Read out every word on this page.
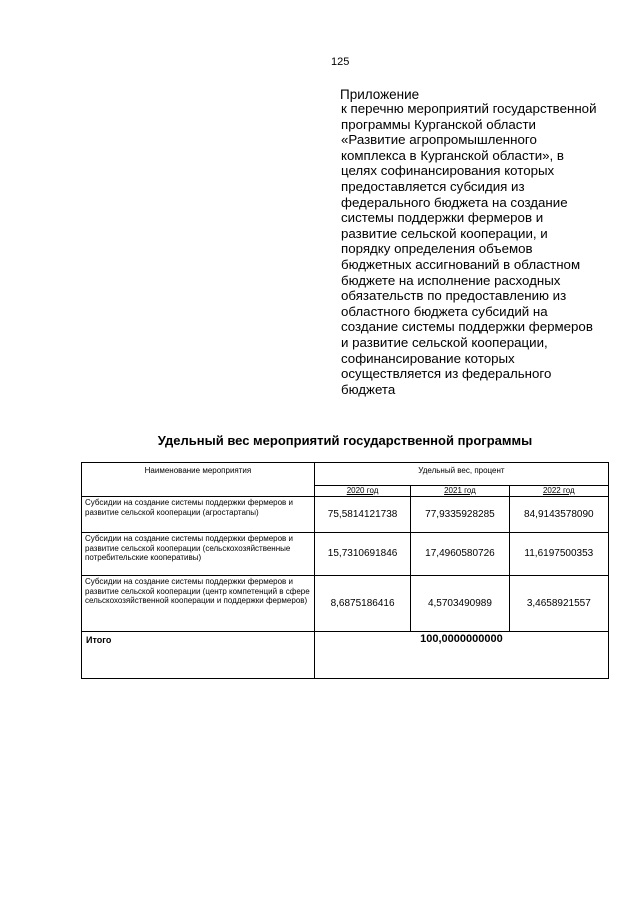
125
Приложение
к перечню мероприятий государственной
программы Курганской области
«Развитие агропромышленного
комплекса в Курганской области», в
целях софинансирования которых
предоставляется субсидия из
федерального бюджета на создание
системы поддержки фермеров и
развитие сельской кооперации, и
порядку определения объемов
бюджетных ассигнований в областном
бюджете на исполнение расходных
обязательств по предоставлению из
областного бюджета субсидий на
создание системы поддержки фермеров
и развитие сельской кооперации,
софинансирование которых
осуществляется из федерального
бюджета
Удельный вес мероприятий государственной программы
Наименование мероприятия	Удельный вес, процент		
	2020 год	2021 год	2022 год
Субсидии на создание системы поддержки фермеров и развитие сельской кооперации (агростартапы)	75,5814121738	77,9335928285	84,9143578090
Субсидии на создание системы поддержки фермеров и развитие сельской кооперации (сельскохозяйственные потребительские кооперативы)	15,7310691846	17,4960580726	11,6197500353
Субсидии на создание системы поддержки фермеров и развитие сельской кооперации (центр компетенций в сфере сельскохозяйственной кооперации и поддержки фермеров)	8,6875186416	4,5703490989	3,4658921557
Итого	100,0000000000		
